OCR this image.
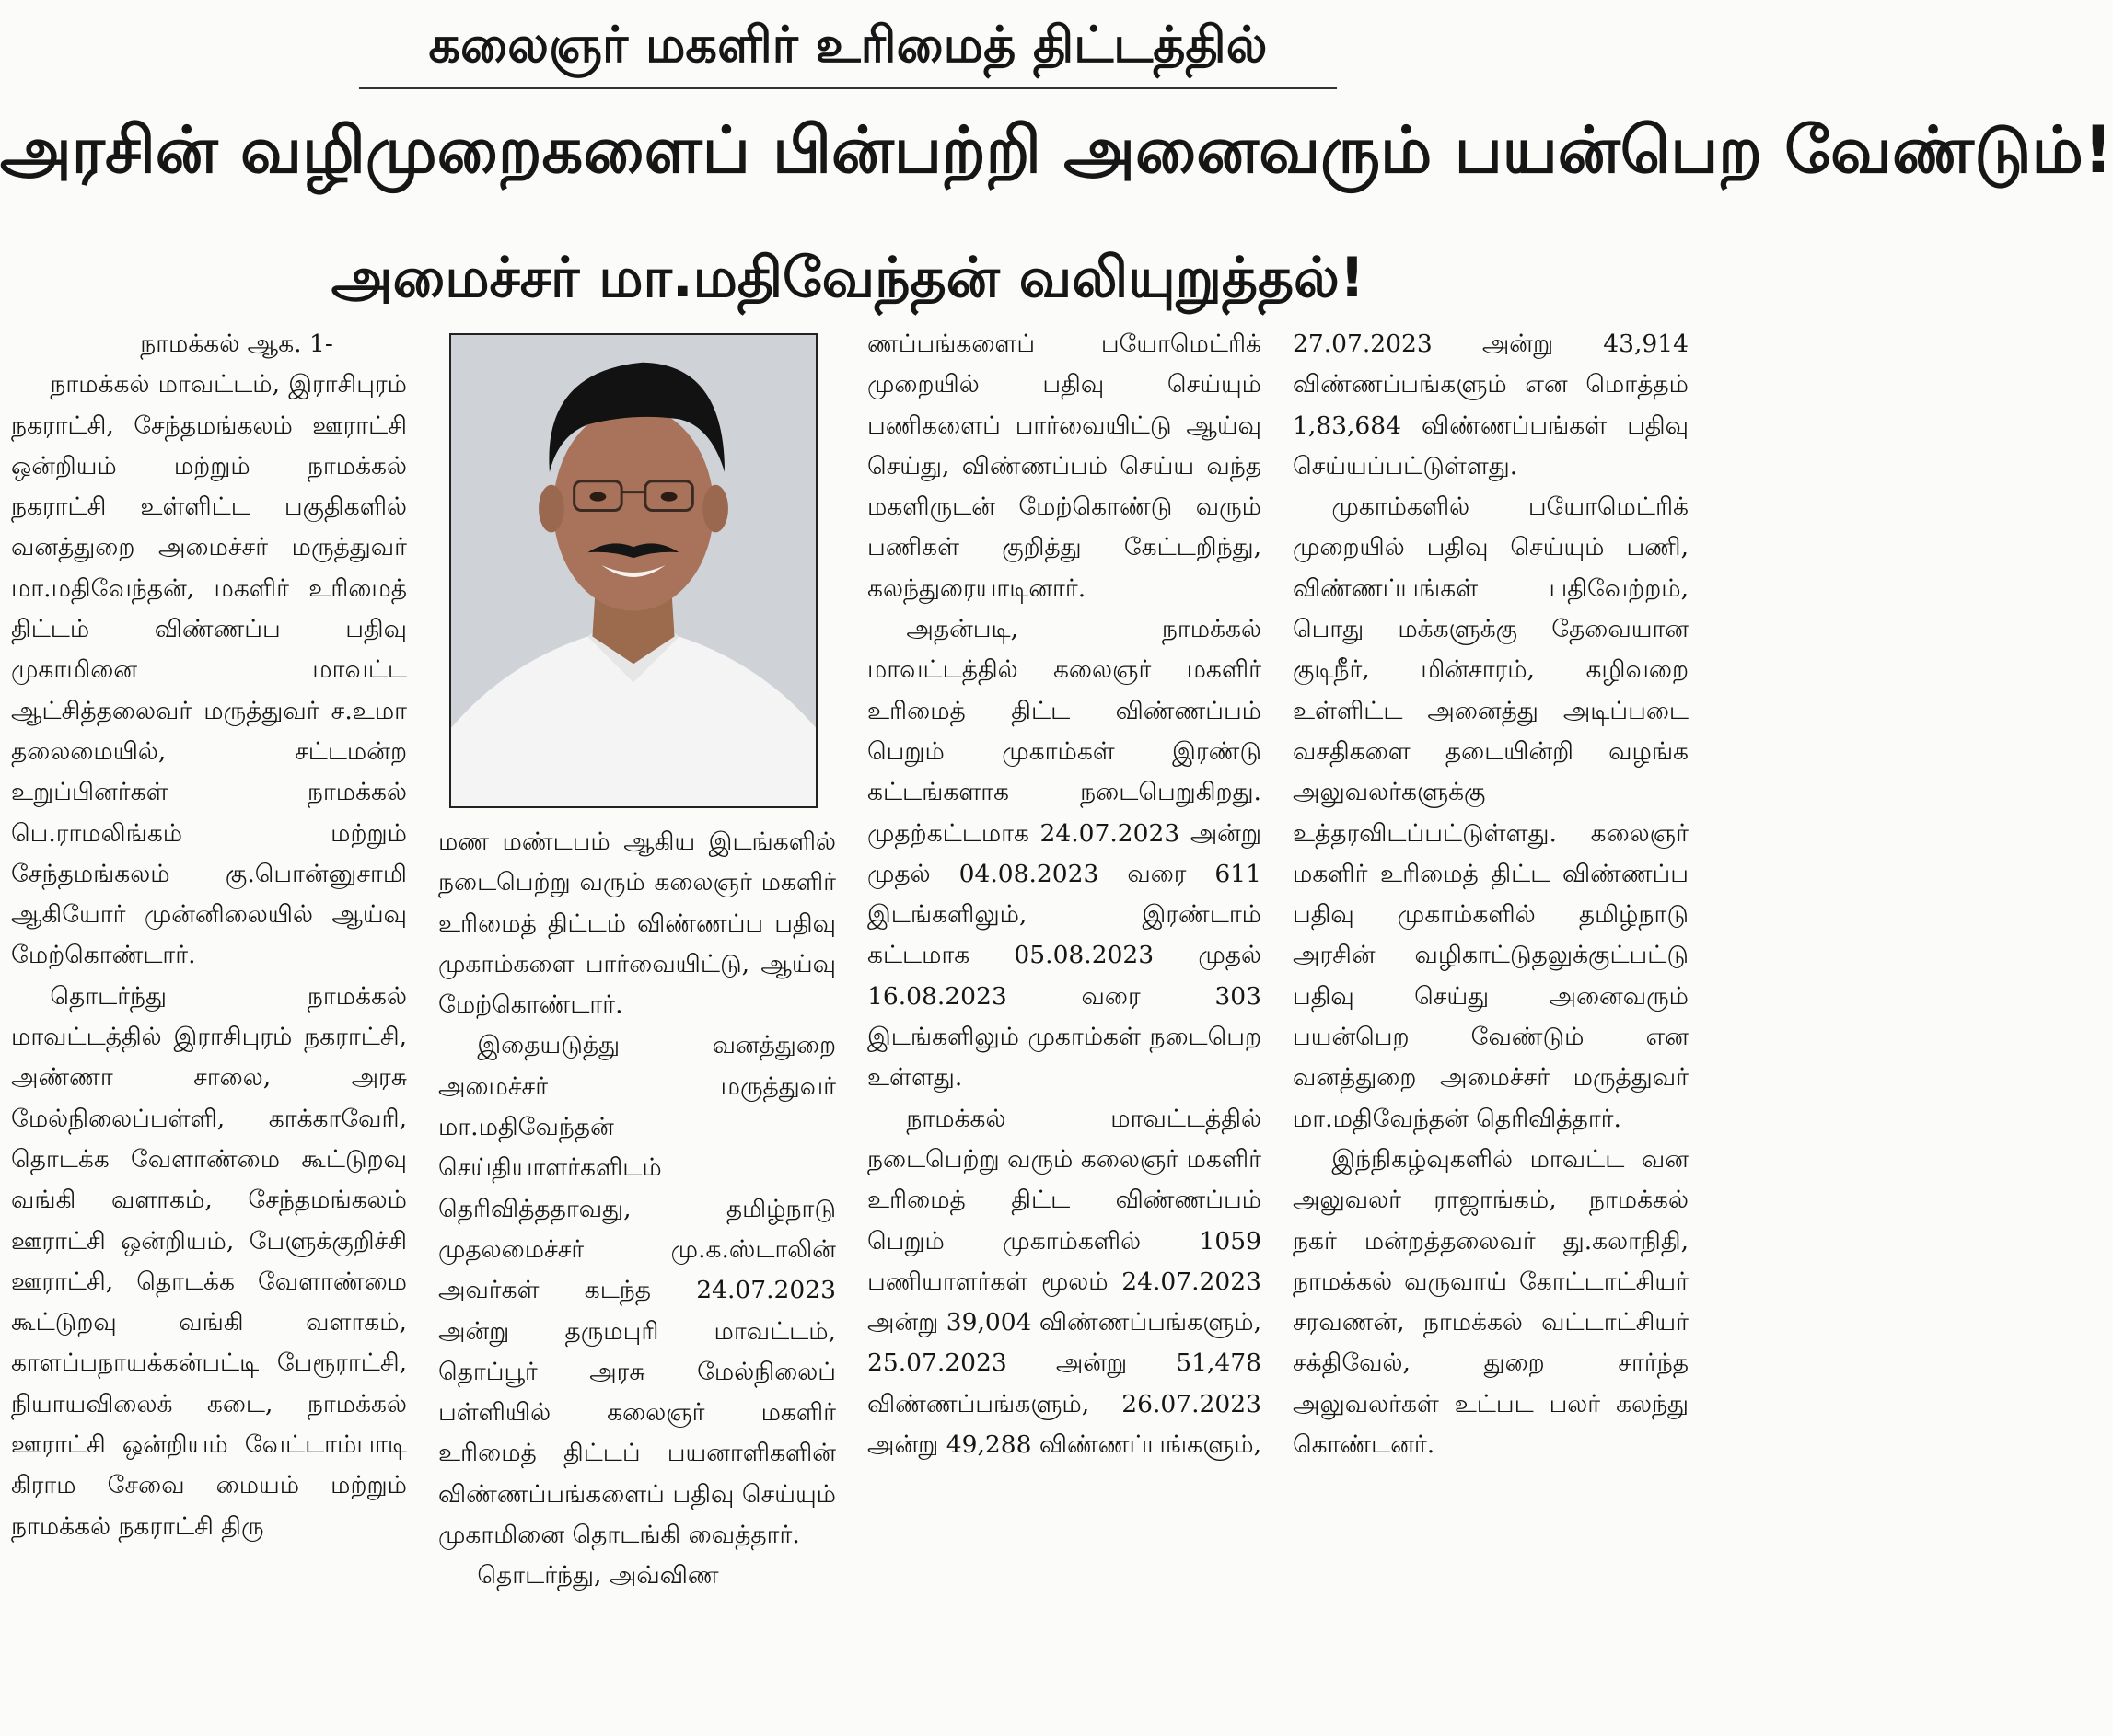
கலைஞர் மகளிர் உரிமைத் திட்டத்தில்
அரசின் வழிமுறைகளைப் பின்பற்றி அனைவரும் பயன்பெற வேண்டும்!
அமைச்சர் மா.மதிவேந்தன் வலியுறுத்தல்!

நாமக்கல் ஆக. 1-

நாமக்கல் மாவட்டம், இராசிபுரம் நகராட்சி, சேந்தமங்கலம் ஊராட்சி ஒன்றியம் மற்றும் நாமக்கல் நகராட்சி உள்ளிட்ட பகுதிகளில் வனத்துறை அமைச்சர் மருத்துவர் மா.மதிவேந்தன், மகளிர் உரிமைத் திட்டம் விண்ணப்ப பதிவு முகாமினை மாவட்ட ஆட்சித்தலைவர் மருத்துவர் ச.உமா தலைமையில், சட்டமன்ற உறுப்பினர்கள் நாமக்கல் பெ.ராமலிங்கம் மற்றும் சேந்தமங்கலம் கு.பொன்னுசாமி ஆகியோர் முன்னிலையில் ஆய்வு மேற்கொண்டார்.

தொடர்ந்து நாமக்கல் மாவட்டத்தில் இராசிபுரம் நகராட்சி, அண்ணா சாலை, அரசு மேல்நிலைப்பள்ளி, காக்காவேரி, தொடக்க வேளாண்மை கூட்டுறவு வங்கி வளாகம், சேந்தமங்கலம் ஊராட்சி ஒன்றியம், பேளுக்குறிச்சி ஊராட்சி, தொடக்க வேளாண்மை கூட்டுறவு வங்கி வளாகம், காளப்பநாயக்கன்பட்டி பேரூராட்சி, நியாயவிலைக் கடை, நாமக்கல் ஊராட்சி ஒன்றியம் வேட்டாம்பாடி கிராம சேவை மையம் மற்றும் நாமக்கல் நகராட்சி திரு

மண மண்டபம் ஆகிய இடங்களில் நடைபெற்று வரும் கலைஞர் மகளிர் உரிமைத் திட்டம் விண்ணப்ப பதிவு முகாம்களை பார்வையிட்டு, ஆய்வு மேற்கொண்டார்.

இதையடுத்து வனத்துறை அமைச்சர் மருத்துவர் மா.மதிவேந்தன் செய்தியாளர்களிடம் தெரிவித்ததாவது, தமிழ்நாடு முதலமைச்சர் மு.க.ஸ்டாலின் அவர்கள் கடந்த 24.07.2023 அன்று தருமபுரி மாவட்டம், தொப்பூர் அரசு மேல்நிலைப் பள்ளியில் கலைஞர் மகளிர் உரிமைத் திட்டப் பயனாளிகளின் விண்ணப்பங்களைப் பதிவு செய்யும் முகாமினை தொடங்கி வைத்தார்.

தொடர்ந்து, அவ்விண

ணப்பங்களைப் பயோமெட்ரிக் முறையில் பதிவு செய்யும் பணிகளைப் பார்வையிட்டு ஆய்வு செய்து, விண்ணப்பம் செய்ய வந்த மகளிருடன் மேற்கொண்டு வரும் பணிகள் குறித்து கேட்டறிந்து, கலந்துரையாடினார்.

அதன்படி, நாமக்கல் மாவட்டத்தில் கலைஞர் மகளிர் உரிமைத் திட்ட விண்ணப்பம் பெறும் முகாம்கள் இரண்டு கட்டங்களாக நடைபெறுகிறது. முதற்கட்டமாக 24.07.2023 அன்று முதல் 04.08.2023 வரை 611 இடங்களிலும், இரண்டாம் கட்டமாக 05.08.2023 முதல் 16.08.2023 வரை 303 இடங்களிலும் முகாம்கள் நடைபெற உள்ளது.

நாமக்கல் மாவட்டத்தில் நடைபெற்று வரும் கலைஞர் மகளிர் உரிமைத் திட்ட விண்ணப்பம் பெறும் முகாம்களில் 1059 பணியாளர்கள் மூலம் 24.07.2023 அன்று 39,004 விண்ணப்பங்களும், 25.07.2023 அன்று 51,478 விண்ணப்பங்களும், 26.07.2023 அன்று 49,288 விண்ணப்பங்களும்,

27.07.2023 அன்று 43,914 விண்ணப்பங்களும் என மொத்தம் 1,83,684 விண்ணப்பங்கள் பதிவு செய்யப்பட்டுள்ளது.

முகாம்களில் பயோமெட்ரிக் முறையில் பதிவு செய்யும் பணி, விண்ணப்பங்கள் பதிவேற்றம், பொது மக்களுக்கு தேவையான குடிநீர், மின்சாரம், கழிவறை உள்ளிட்ட அனைத்து அடிப்படை வசதிகளை தடையின்றி வழங்க அலுவலர்களுக்கு உத்தரவிடப்பட்டுள்ளது. கலைஞர் மகளிர் உரிமைத் திட்ட விண்ணப்ப பதிவு முகாம்களில் தமிழ்நாடு அரசின் வழிகாட்டுதலுக்குட்பட்டு பதிவு செய்து அனைவரும் பயன்பெற வேண்டும் என வனத்துறை அமைச்சர் மருத்துவர் மா.மதிவேந்தன் தெரிவித்தார்.

இந்நிகழ்வுகளில் மாவட்ட வன அலுவலர் ராஜாங்கம், நாமக்கல் நகர் மன்றத்தலைவர் து.கலாநிதி, நாமக்கல் வருவாய் கோட்டாட்சியர் சரவணன், நாமக்கல் வட்டாட்சியர் சக்திவேல், துறை சார்ந்த அலுவலர்கள் உட்பட பலர் கலந்து கொண்டனர்.
